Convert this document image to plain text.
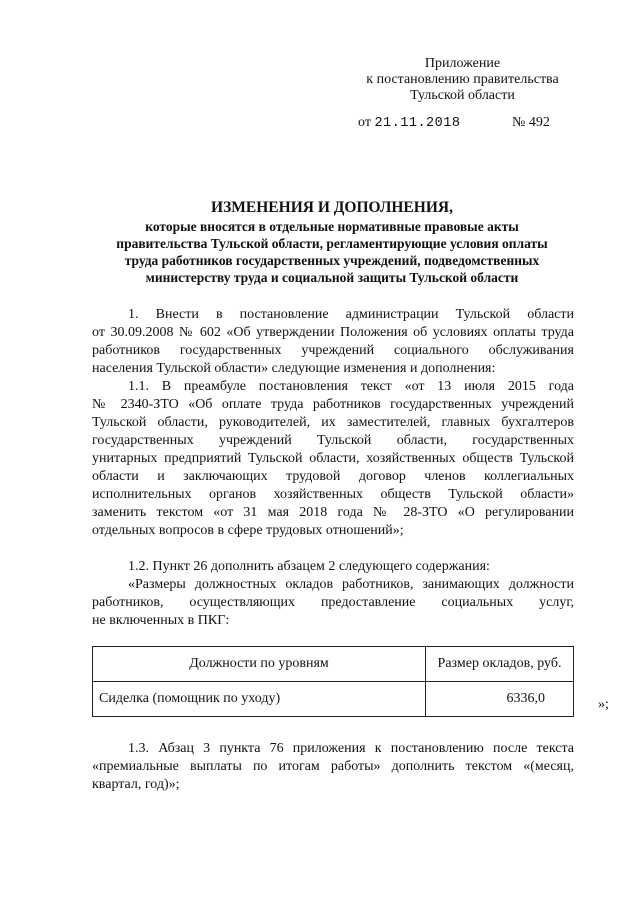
Приложение
к постановлению правительства
Тульской области
от 21.11.2018	№ 492
ИЗМЕНЕНИЯ И ДОПОЛНЕНИЯ,
которые вносятся в отдельные нормативные правовые акты
правительства Тульской области, регламентирующие условия оплаты
труда работников государственных учреждений, подведомственных
министерству труда и социальной защиты Тульской области
1. Внести в постановление администрации Тульской области
от 30.09.2008 № 602 «Об утверждении Положения об условиях оплаты труда
работников государственных учреждений социального обслуживания
населения Тульской области» следующие изменения и дополнения:
1.1. В преамбуле постановления текст «от 13 июля 2015 года
№ 2340-ЗТО «Об оплате труда работников государственных учреждений
Тульской области, руководителей, их заместителей, главных бухгалтеров
государственных учреждений Тульской области, государственных
унитарных предприятий Тульской области, хозяйственных обществ Тульской
области и заключающих трудовой договор членов коллегиальных
исполнительных органов хозяйственных обществ Тульской области»
заменить текстом «от 31 мая 2018 года № 28-ЗТО «О регулировании
отдельных вопросов в сфере трудовых отношений»;
1.2. Пункт 26 дополнить абзацем 2 следующего содержания:
«Размеры должностных окладов работников, занимающих должности
работников, осуществляющих предоставление социальных услуг,
не включенных в ПКГ:
Должности по уровням	Размер окладов, руб.
Сиделка (помощник по уходу)	6336,0	»;
1.3. Абзац 3 пункта 76 приложения к постановлению после текста
«премиальные выплаты по итогам работы» дополнить текстом «(месяц,
квартал, год)»;
